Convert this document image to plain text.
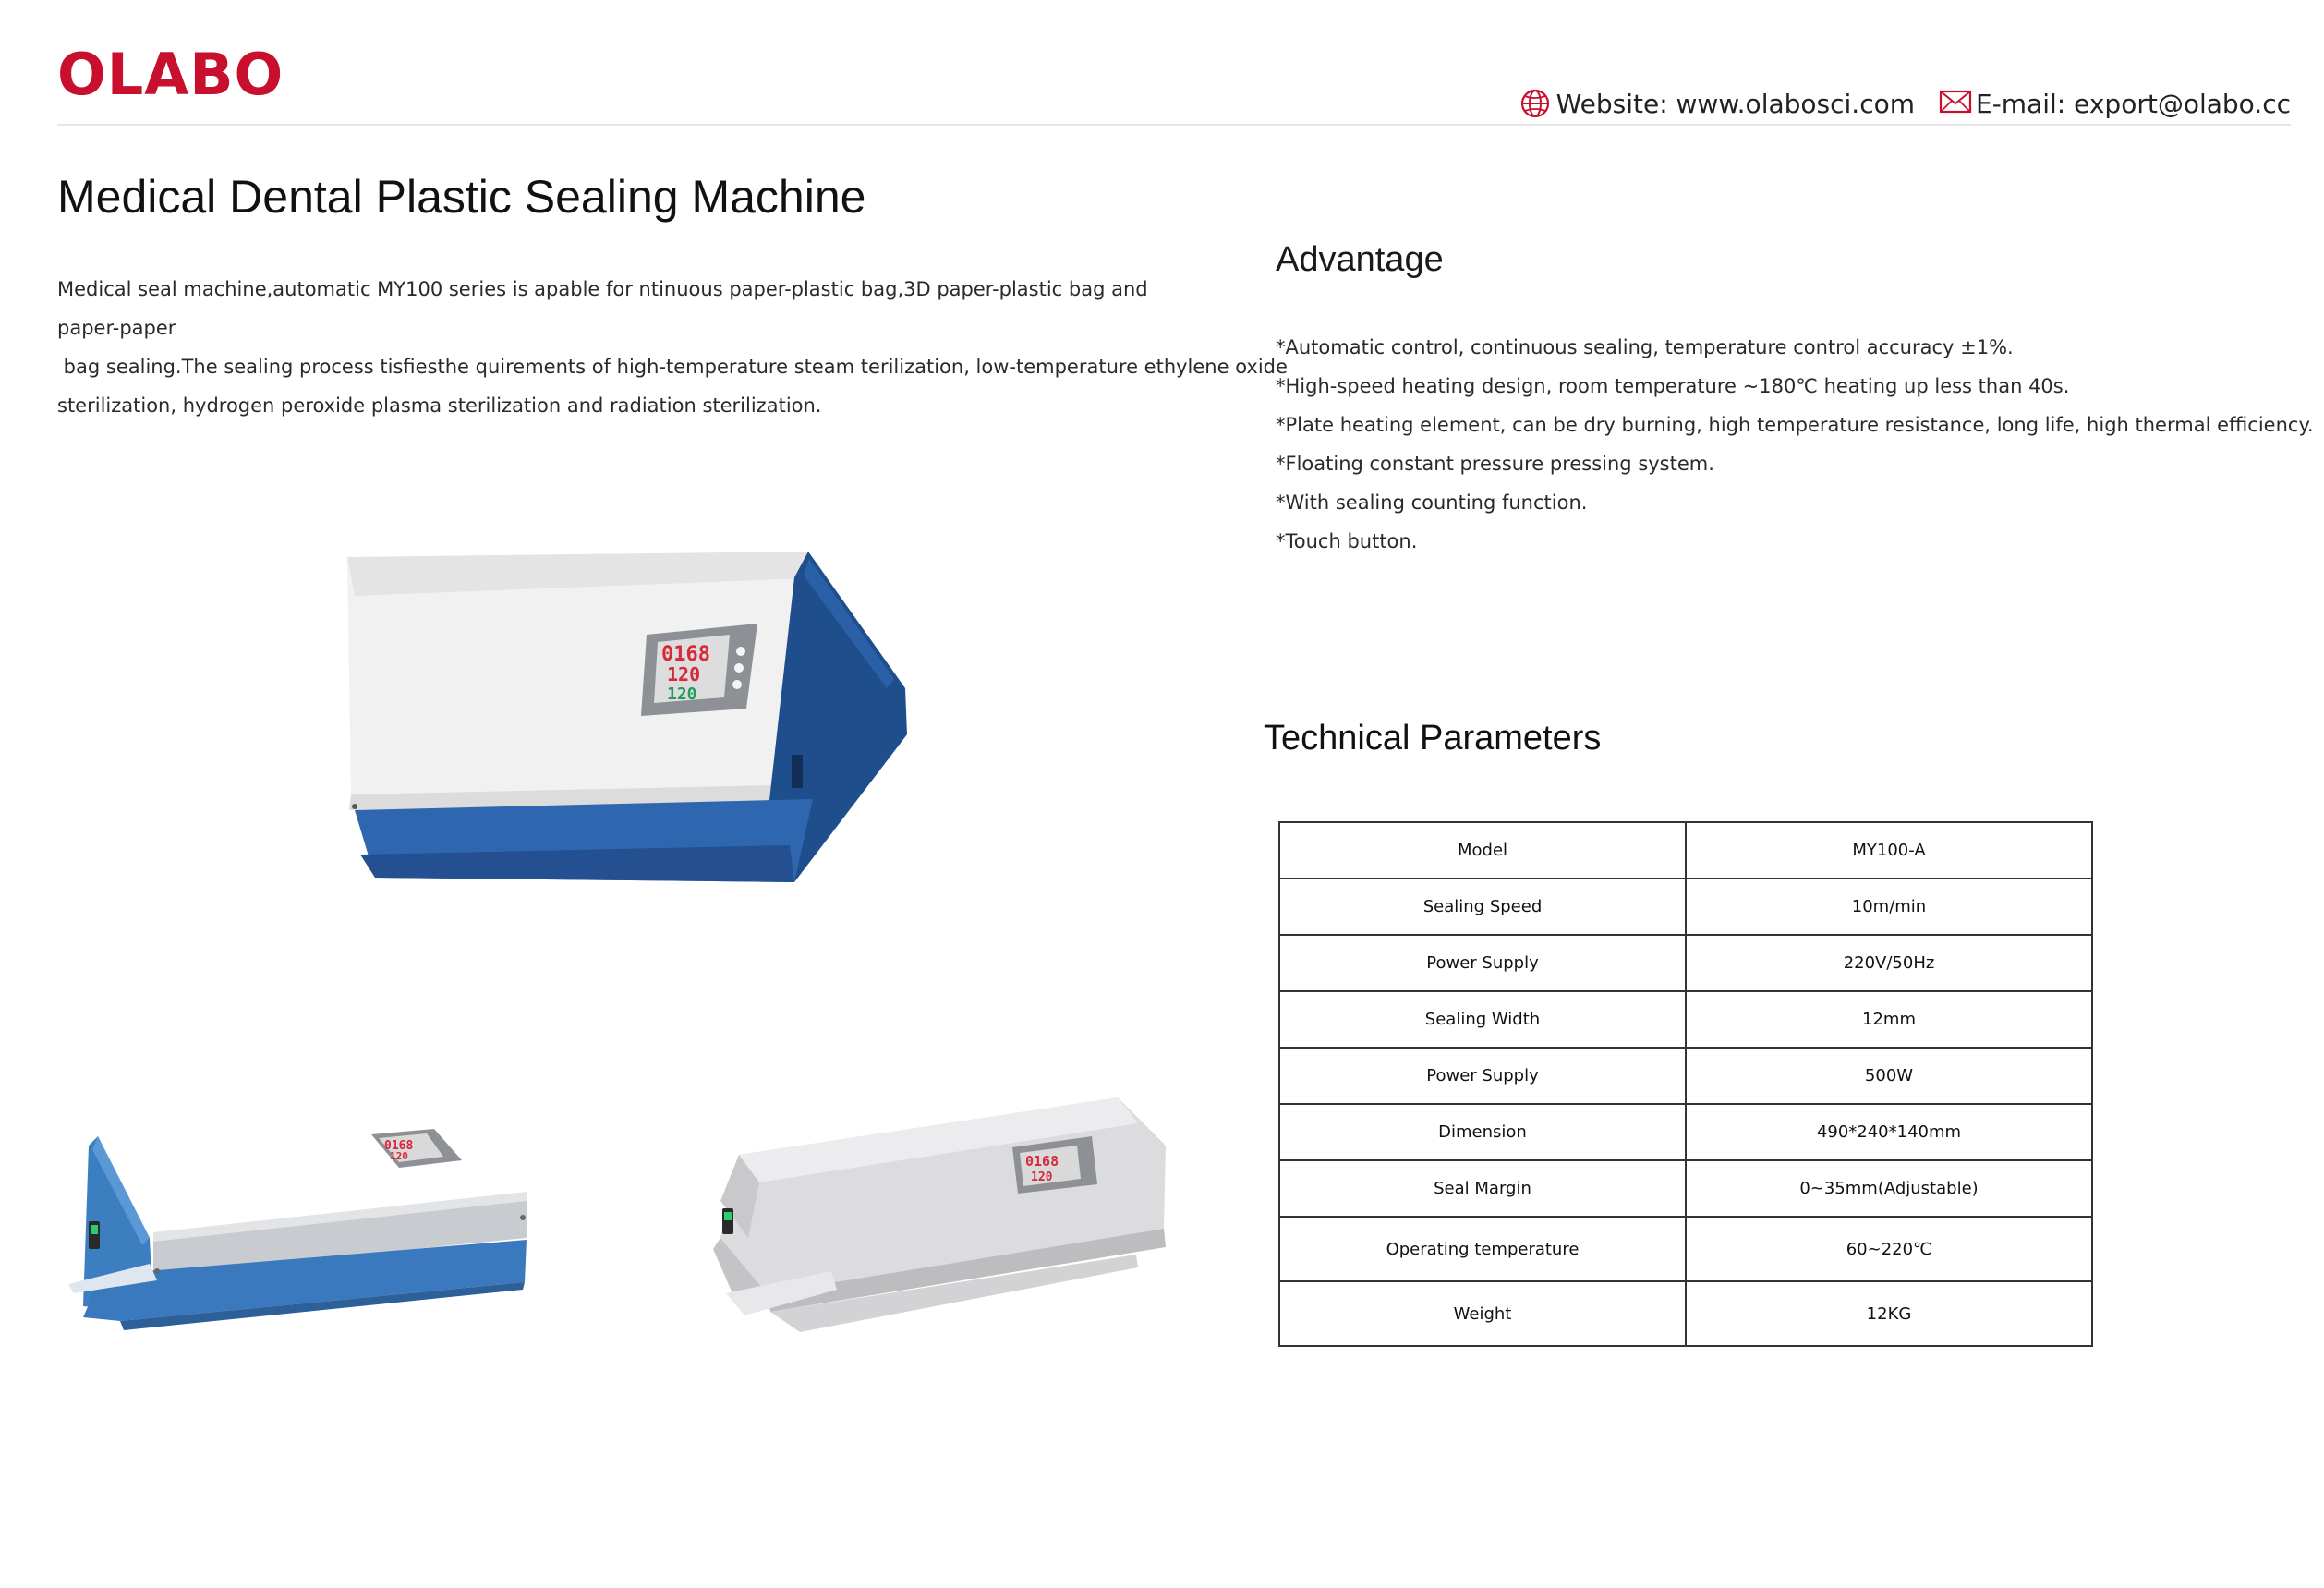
OLABO	Website: www.olabosci.com E-mail: export@olabo.cc
Medical Dental Plastic Sealing Machine

Medical seal machine,automatic MY100 series is apable for ntinuous paper-plastic bag,3D paper-plastic bag and paper-paper
bag sealing.The sealing process tisfiesthe quirements of high-temperature steam terilization, low-temperature ethylene oxide
sterilization, hydrogen peroxide plasma sterilization and radiation sterilization.

0168
120
120
0168
120	0168
120
Advantage
*Automatic control, continuous sealing, temperature control accuracy ±1%.
*High-speed heating design, room temperature ~180℃ heating up less than 40s.
*Plate heating element, can be dry burning, high temperature resistance, long life, high thermal efficiency.
*Floating constant pressure pressing system.
*With sealing counting function.
*Touch button.
Technical Parameters
Model	MY100-A
Sealing Speed	10m/min
Power Supply	220V/50Hz
Sealing Width	12mm
Power Supply	500W
Dimension	490*240*140mm
Seal Margin	0~35mm(Adjustable)
Operating temperature	60~220℃
Weight	12KG
